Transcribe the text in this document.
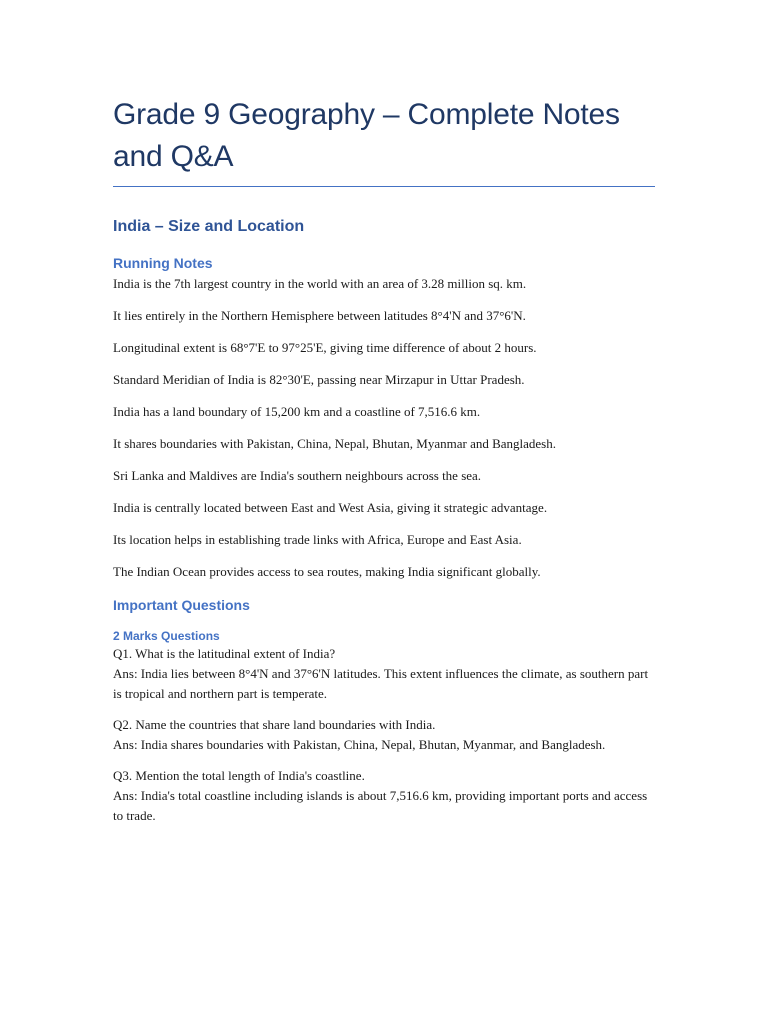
Grade 9 Geography – Complete Notes and Q&A
India – Size and Location
Running Notes

India is the 7th largest country in the world with an area of 3.28 million sq. km.

It lies entirely in the Northern Hemisphere between latitudes 8°4'N and 37°6'N.

Longitudinal extent is 68°7'E to 97°25'E, giving time difference of about 2 hours.

Standard Meridian of India is 82°30'E, passing near Mirzapur in Uttar Pradesh.

India has a land boundary of 15,200 km and a coastline of 7,516.6 km.

It shares boundaries with Pakistan, China, Nepal, Bhutan, Myanmar and Bangladesh.

Sri Lanka and Maldives are India's southern neighbours across the sea.

India is centrally located between East and West Asia, giving it strategic advantage.

Its location helps in establishing trade links with Africa, Europe and East Asia.

The Indian Ocean provides access to sea routes, making India significant globally.

Important Questions
2 Marks Questions

Q1. What is the latitudinal extent of India?

Ans: India lies between 8°4'N and 37°6'N latitudes. This extent influences the climate, as southern part is tropical and northern part is temperate.

Q2. Name the countries that share land boundaries with India.

Ans: India shares boundaries with Pakistan, China, Nepal, Bhutan, Myanmar, and Bangladesh.

Q3. Mention the total length of India's coastline.

Ans: India's total coastline including islands is about 7,516.6 km, providing important ports and access to trade.
